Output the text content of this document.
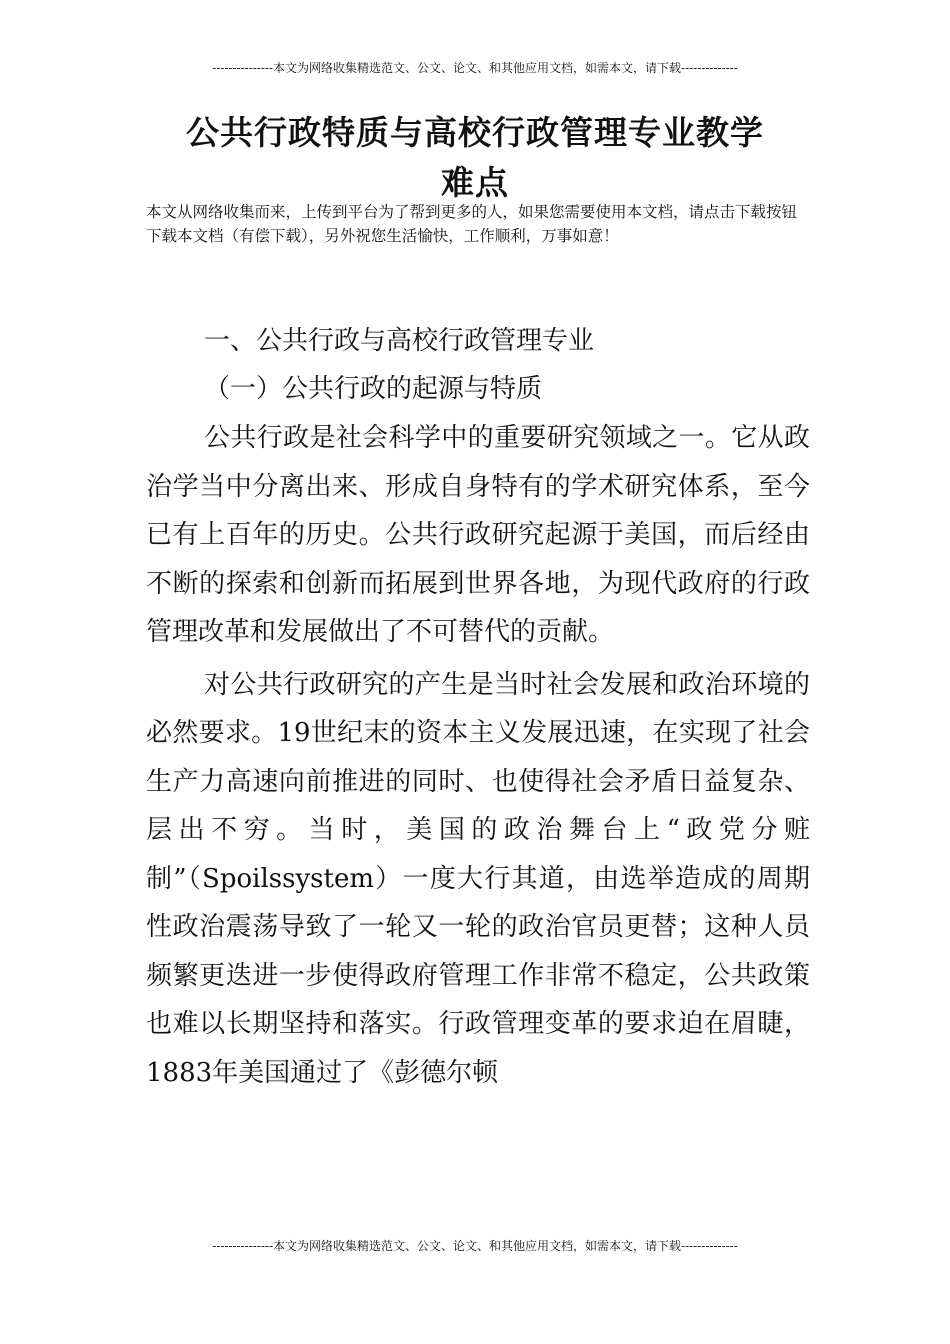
---------------本文为网络收集精选范文、公文、论文、和其他应用文档，如需本文，请下载--------------
公共行政特质与高校行政管理专业教学
难点
本文从网络收集而来，上传到平台为了帮到更多的人，如果您需要使用本文档，请点击下载按钮下载本文档（有偿下载），另外祝您生活愉快，工作顺利，万事如意！

一、公共行政与高校行政管理专业

（一）公共行政的起源与特质

公共行政是社会科学中的重要研究领域之一。它从政治学当中分离出来、形成自身特有的学术研究体系，至今已有上百年的历史。公共行政研究起源于美国，而后经由不断的探索和创新而拓展到世界各地，为现代政府的行政管理改革和发展做出了不可替代的贡献。

对公共行政研究的产生是当时社会发展和政治环境的必然要求。19世纪末的资本主义发展迅速，在实现了社会生产力高速向前推进的同时、也使得社会矛盾日益复杂、层出不穷。当时，美国的政治舞台上“政党分赃制”（Spoilssystem）一度大行其道，由选举造成的周期性政治震荡导致了一轮又一轮的政治官员更替；这种人员频繁更迭进一步使得政府管理工作非常不稳定，公共政策也难以长期坚持和落实。行政管理变革的要求迫在眉睫，1883年美国通过了《彭德尔顿

---------------本文为网络收集精选范文、公文、论文、和其他应用文档，如需本文，请下载--------------
